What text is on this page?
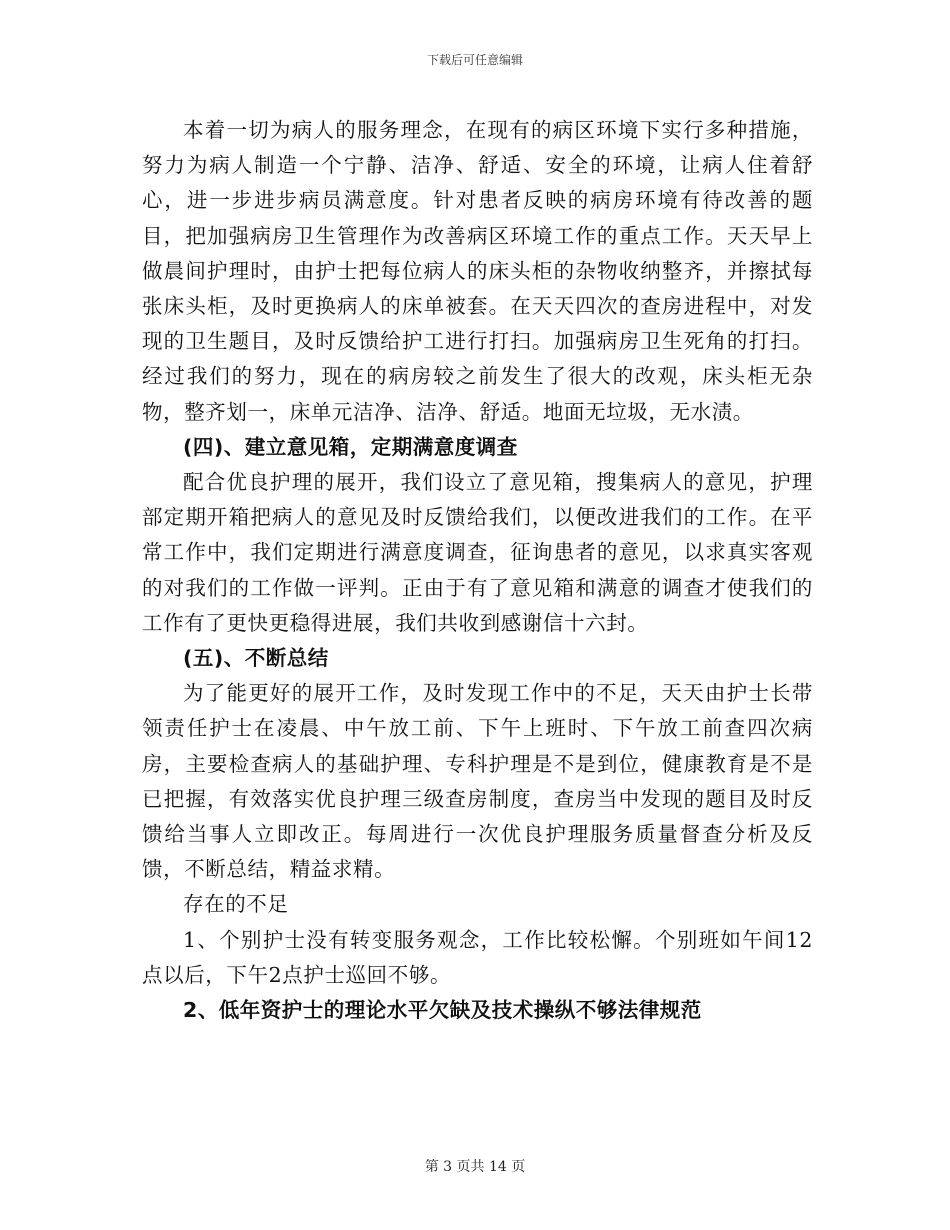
下载后可任意编辑

本着一切为病人的服务理念，在现有的病区环境下实行多种措施，努力为病人制造一个宁静、洁净、舒适、安全的环境，让病人住着舒心，进一步进步病员满意度。针对患者反映的病房环境有待改善的题目，把加强病房卫生管理作为改善病区环境工作的重点工作。天天早上做晨间护理时，由护士把每位病人的床头柜的杂物收纳整齐，并擦拭每张床头柜，及时更换病人的床单被套。在天天四次的查房进程中，对发现的卫生题目，及时反馈给护工进行打扫。加强病房卫生死角的打扫。经过我们的努力，现在的病房较之前发生了很大的改观，床头柜无杂物，整齐划一，床单元洁净、洁净、舒适。地面无垃圾，无水渍。

(四)、建立意见箱，定期满意度调查

配合优良护理的展开，我们设立了意见箱，搜集病人的意见，护理部定期开箱把病人的意见及时反馈给我们，以便改进我们的工作。在平常工作中，我们定期进行满意度调查，征询患者的意见，以求真实客观的对我们的工作做一评判。正由于有了意见箱和满意的调查才使我们的工作有了更快更稳得进展，我们共收到感谢信十六封。

(五)、不断总结

为了能更好的展开工作，及时发现工作中的不足，天天由护士长带领责任护士在凌晨、中午放工前、下午上班时、下午放工前查四次病房，主要检查病人的基础护理、专科护理是不是到位，健康教育是不是已把握，有效落实优良护理三级查房制度，查房当中发现的题目及时反馈给当事人立即改正。每周进行一次优良护理服务质量督查分析及反馈，不断总结，精益求精。

存在的不足

1、个别护士没有转变服务观念，工作比较松懈。个别班如午间12点以后，下午2点护士巡回不够。

2、低年资护士的理论水平欠缺及技术操纵不够法律规范

第 3 页共 14 页
